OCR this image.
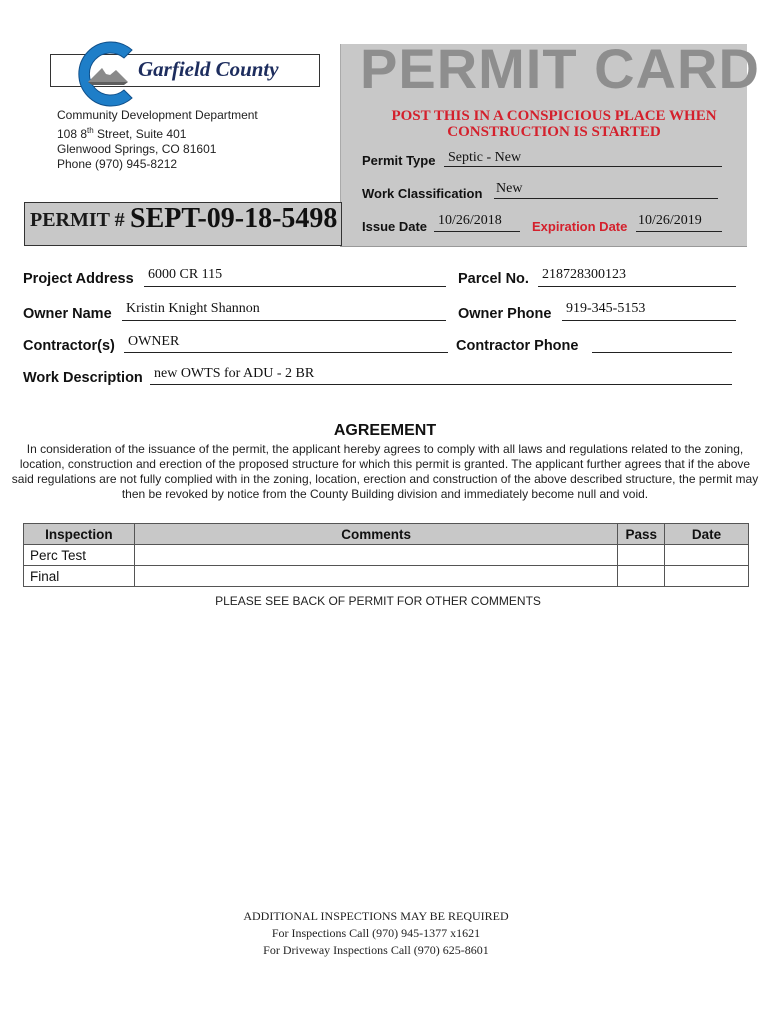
PERMIT CARD
POST THIS IN A CONSPICIOUS PLACE WHEN
CONSTRUCTION IS STARTED
Permit Type Septic - New
Work Classification New
Issue Date 10/26/2018 Expiration Date 10/26/2019
Garfield County
Community Development Department
108 8th Street, Suite 401
Glenwood Springs, CO 81601
Phone (970) 945-8212
PERMIT # SEPT-09-18-5498
Project Address 6000 CR 115	Parcel No. 218728300123
Owner Name Kristin Knight Shannon	Owner Phone 919-345-5153
Contractor(s) OWNER	Contractor Phone
Work Description new OWTS for ADU - 2 BR
AGREEMENT
In consideration of the issuance of the permit, the applicant hereby agrees to comply with all laws and regulations related to the zoning, location, construction and erection of the proposed structure for which this permit is granted. The applicant further agrees that if the above said regulations are not fully complied with in the zoning, location, erection and construction of the above described structure, the permit may then be revoked by notice from the County Building division and immediately become null and void.
Inspection	Comments	Pass	Date
Perc Test			
Final			
PLEASE SEE BACK OF PERMIT FOR OTHER COMMENTS
ADDITIONAL INSPECTIONS MAY BE REQUIRED
For Inspections Call (970) 945-1377 x1621
For Driveway Inspections Call (970) 625-8601
